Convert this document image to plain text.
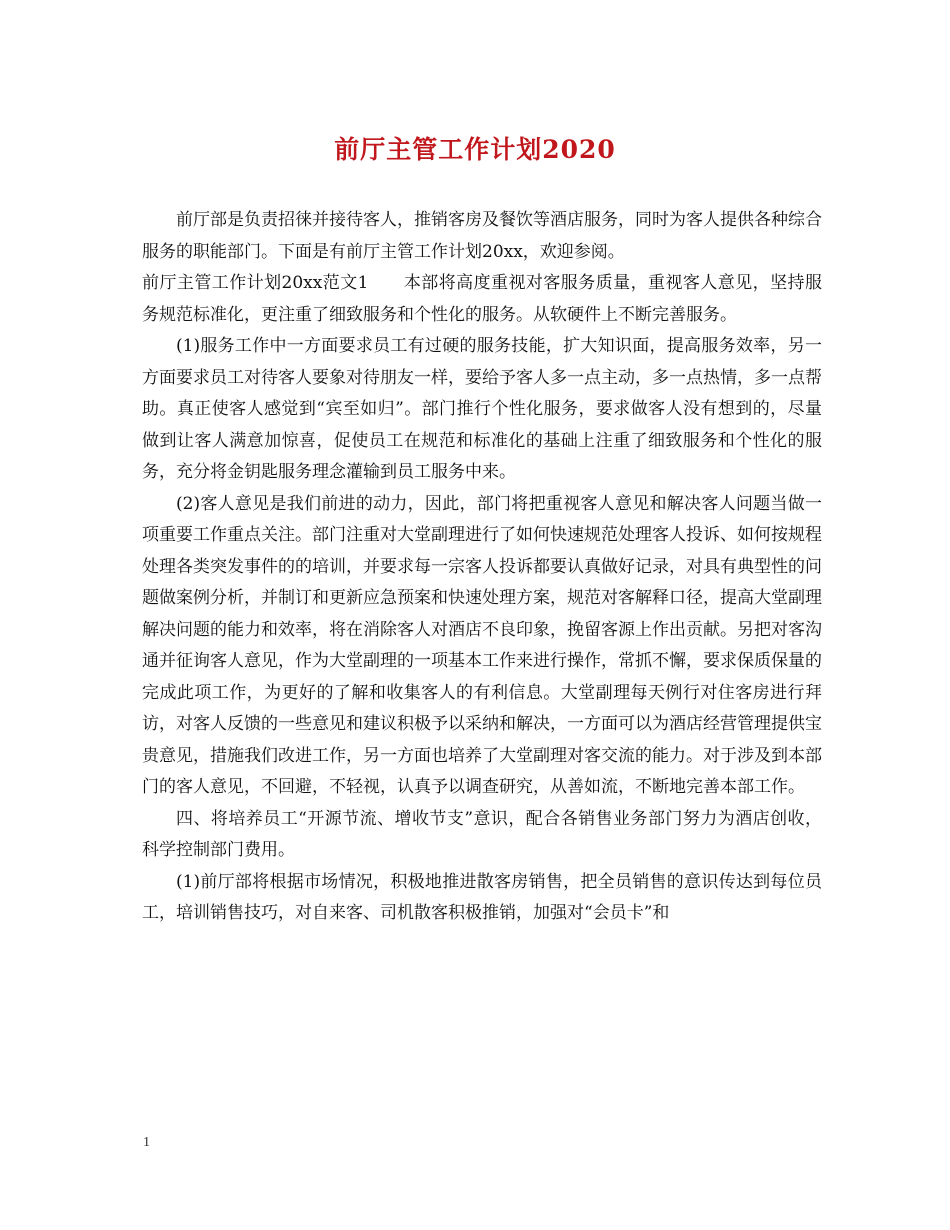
前厅主管工作计划2020

前厅部是负责招徕并接待客人，推销客房及餐饮等酒店服务，同时为客人提供各种综合服务的职能部门。下面是有前厅主管工作计划20xx，欢迎参阅。

前厅主管工作计划20xx范文1　　本部将高度重视对客服务质量，重视客人意见，坚持服务规范标准化，更注重了细致服务和个性化的服务。从软硬件上不断完善服务。

(1)服务工作中一方面要求员工有过硬的服务技能，扩大知识面，提高服务效率，另一方面要求员工对待客人要象对待朋友一样，要给予客人多一点主动，多一点热情，多一点帮助。真正使客人感觉到“宾至如归”。部门推行个性化服务，要求做客人没有想到的，尽量做到让客人满意加惊喜，促使员工在规范和标准化的基础上注重了细致服务和个性化的服务，充分将金钥匙服务理念灌输到员工服务中来。

(2)客人意见是我们前进的动力，因此，部门将把重视客人意见和解决客人问题当做一项重要工作重点关注。部门注重对大堂副理进行了如何快速规范处理客人投诉、如何按规程处理各类突发事件的的培训，并要求每一宗客人投诉都要认真做好记录，对具有典型性的问题做案例分析，并制订和更新应急预案和快速处理方案，规范对客解释口径，提高大堂副理解决问题的能力和效率，将在消除客人对酒店不良印象，挽留客源上作出贡献。另把对客沟通并征询客人意见，作为大堂副理的一项基本工作来进行操作，常抓不懈，要求保质保量的完成此项工作，为更好的了解和收集客人的有利信息。大堂副理每天例行对住客房进行拜访，对客人反馈的一些意见和建议积极予以采纳和解决，一方面可以为酒店经营管理提供宝贵意见，措施我们改进工作，另一方面也培养了大堂副理对客交流的能力。对于涉及到本部门的客人意见，不回避，不轻视，认真予以调查研究，从善如流，不断地完善本部工作。

四、将培养员工“开源节流、增收节支”意识，配合各销售业务部门努力为酒店创收，科学控制部门费用。

(1)前厅部将根据市场情况，积极地推进散客房销售，把全员销售的意识传达到每位员工，培训销售技巧，对自来客、司机散客积极推销，加强对“会员卡”和

1
